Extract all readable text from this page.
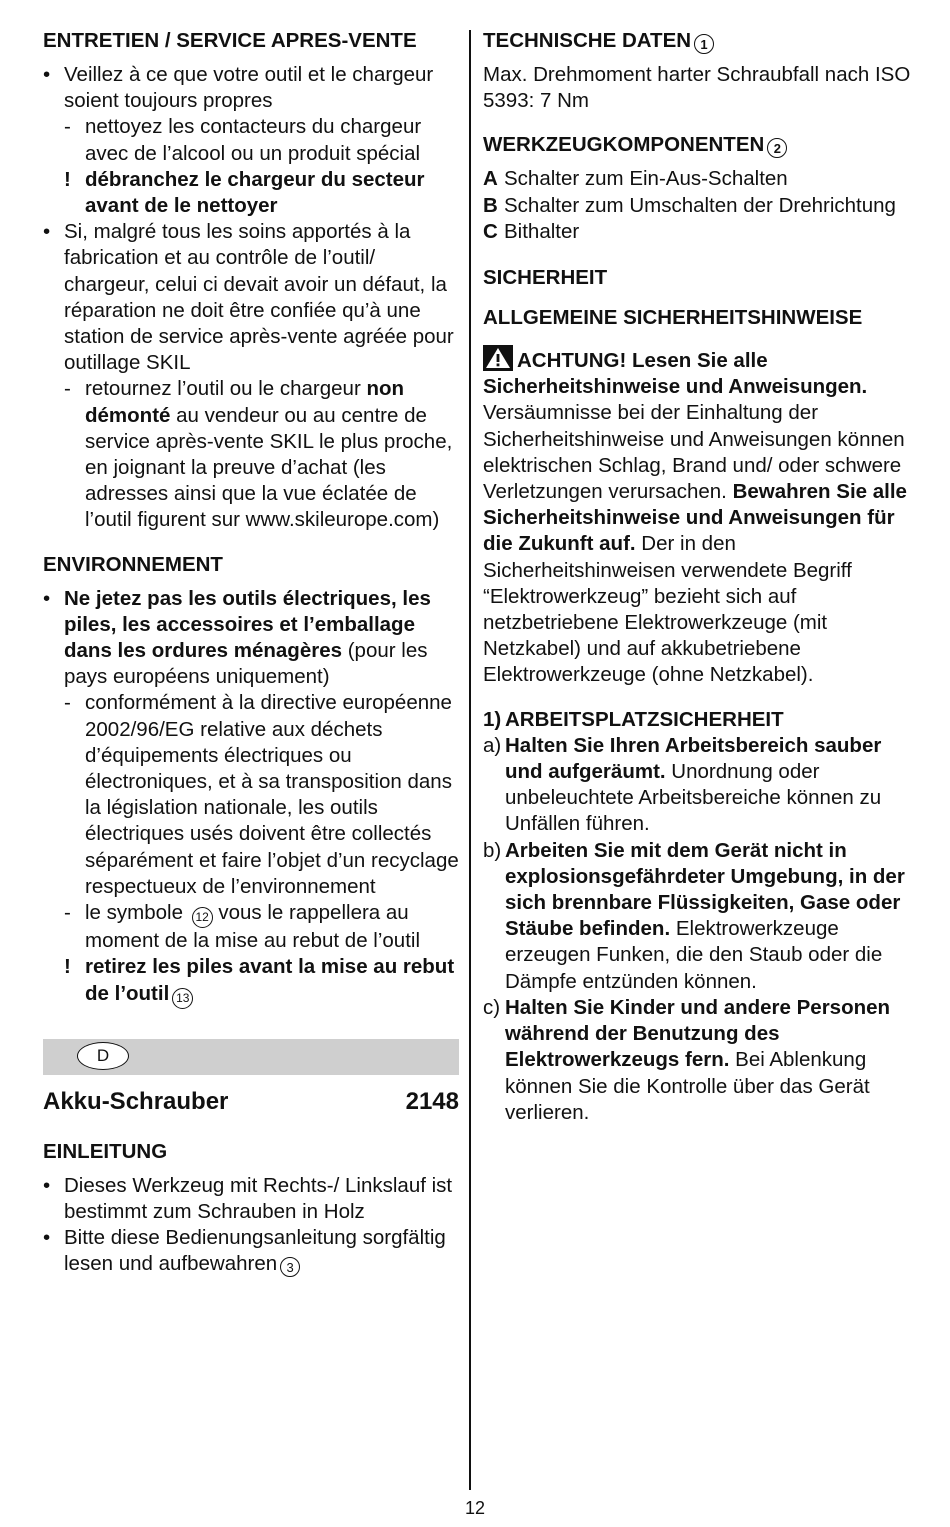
ENTRETIEN / SERVICE APRES-VENTE
• Veillez à ce que votre outil et le chargeur soient toujours propres
- nettoyez les contacteurs du chargeur avec de l’alcool ou un produit spécial
! débranchez le chargeur du secteur avant de le nettoyer
• Si, malgré tous les soins apportés à la fabrication et au contrôle de l’outil/ chargeur, celui ci devait avoir un défaut, la réparation ne doit être confiée qu’à une station de service après-vente agréée pour outillage SKIL
- retournez l’outil ou le chargeur non démonté au vendeur ou au centre de service après-vente SKIL le plus proche, en joignant la preuve d’achat (les adresses ainsi que la vue éclatée de l’outil figurent sur www.skileurope.com)
ENVIRONNEMENT
• Ne jetez pas les outils électriques, les piles, les accessoires et l’emballage dans les ordures ménagères (pour les pays européens uniquement)
- conformément à la directive européenne 2002/96/EG relative aux déchets d’équipements électriques ou électroniques, et à sa transposition dans la législation nationale, les outils électriques usés doivent être collectés séparément et faire l’objet d’un recyclage respectueux de l’environnement
- le symbole 12 vous le rappellera au moment de la mise au rebut de l’outil
! retirez les piles avant la mise au rebut de l’outil 13
D
Akku-Schrauber	2148
EINLEITUNG
• Dieses Werkzeug mit Rechts-/ Linkslauf ist bestimmt zum Schrauben in Holz
• Bitte diese Bedienungsanleitung sorgfältig lesen und aufbewahren 3
TECHNISCHE DATEN 1
Max. Drehmoment harter Schraubfall nach ISO 5393: 7 Nm
WERKZEUGKOMPONENTEN 2
A Schalter zum Ein-Aus-Schalten
B Schalter zum Umschalten der Drehrichtung
C Bithalter
SICHERHEIT
ALLGEMEINE SICHERHEITSHINWEISE
ACHTUNG! Lesen Sie alle Sicherheitshinweise und Anweisungen. Versäumnisse bei der Einhaltung der Sicherheitshinweise und Anweisungen können elektrischen Schlag, Brand und/ oder schwere Verletzungen verursachen. Bewahren Sie alle Sicherheitshinweise und Anweisungen für die Zukunft auf. Der in den Sicherheitshinweisen verwendete Begriff “Elektrowerkzeug” bezieht sich auf netzbetriebene Elektrowerkzeuge (mit Netzkabel) und auf akkubetriebene Elektrowerkzeuge (ohne Netzkabel).
1) ARBEITSPLATZSICHERHEIT
a) Halten Sie Ihren Arbeitsbereich sauber und aufgeräumt. Unordnung oder unbeleuchtete Arbeitsbereiche können zu Unfällen führen.
b) Arbeiten Sie mit dem Gerät nicht in explosionsgefährdeter Umgebung, in der sich brennbare Flüssigkeiten, Gase oder Stäube befinden. Elektrowerkzeuge erzeugen Funken, die den Staub oder die Dämpfe entzünden können.
c) Halten Sie Kinder und andere Personen während der Benutzung des Elektrowerkzeugs fern. Bei Ablenkung können Sie die Kontrolle über das Gerät verlieren.
12
